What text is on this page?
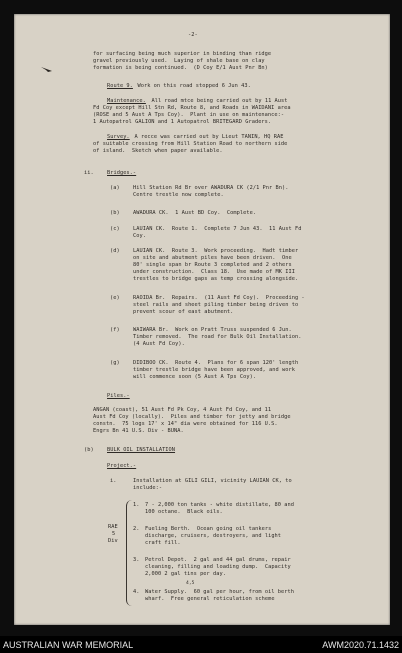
-2-
for surfacing being much superior in binding than ridge
gravel previously used.  Laying of shale base on clay
formation is being continued.  (D Coy E/1 Aust Pnr Bn)
Route 9.
Work on this road stopped 6 Jun 43.
Maintenance. All road mtce being carried out by 11 Aust
Fd Coy except Hill Stn Rd, Route 8, and Roads in WAIDANI area
(ROSE and 5 Aust A Tps Coy).  Plant in use on maintenance:-
1 Autopatrol GALION and 1 Autopatrol BRITEGARD Graders.
Survey.
A recce was carried out by Lieut TANIN, HQ RAE
of suitable crossing from Hill Station Road to northern side
of island.  Sketch when paper available.
ii.	Bridges.-
(a)	Hill Station Rd Br over AWADURA CK (2/1 Pnr Bn).
Centre trestle now complete.
(b)	AWADURA CK.  1 Aust BD Coy.  Complete.
(c)	LAUIAN CK.  Route 1.  Complete 7 Jun 43.  11 Aust Fd
Coy.
(d)	LAUIAN CK.  Route 3.  Work proceeding.  Hadt timber
on site and abutment piles have been driven.  One
80' single span br Route 3 completed and 2 others
under construction.  Class 18.  Use made of MK III
trestles to bridge gaps as temp crossing alongside.
(e)	RAOIDA Br.  Repairs.  (11 Aust Fd Coy).  Proceeding -
steel rails and sheet piling timber being driven to
prevent scour of east abutment.
(f)	WAIWARA Br.  Work on Pratt Truss suspended 6 Jun.
Timber removed.  The road for Bulk Oil Installation.
(4 Aust Fd Coy).
(g)	DIDIBOO CK.  Route 4.  Plans for 6 span 120' length
timber trestle bridge have been approved, and work
will commence soon (5 Aust A Tps Coy).
Piles.-
ANGAN (coast), 51 Aust Fd Pk Coy, 4 Aust Fd Coy, and 11
Aust Fd Coy (locally).  Piles and timber for jetty and bridge
constn.  75 logs 17' x 14" dia were obtained for 116 U.S.
Engrs Bn 41 U.S. Div - BUNA.
(b)	BULK OIL INSTALLATION
Project.-
i.	Installation at GILI GILI, vicinity LAUIAN CK, to
include:-
RAE
5
Div
1. 7 - 2,000 ton tanks - white distillate, 80 and
100 octane.  Black oils.
2. Fueling Berth.  Ocean going oil tankers
discharge, cruisers, destroyers, and light
craft fill.
3. Petrol Depot.  2 gal and 44 gal drums, repair
cleaning, filling and loading dump.  Capacity
2,000 2 gal tins per day.
4,5
4. Water Supply.  60 gal per hour, from oil berth
wharf.  Free general reticulation scheme
AUSTRALIAN WAR MEMORIAL	AWM2020.71.1432
